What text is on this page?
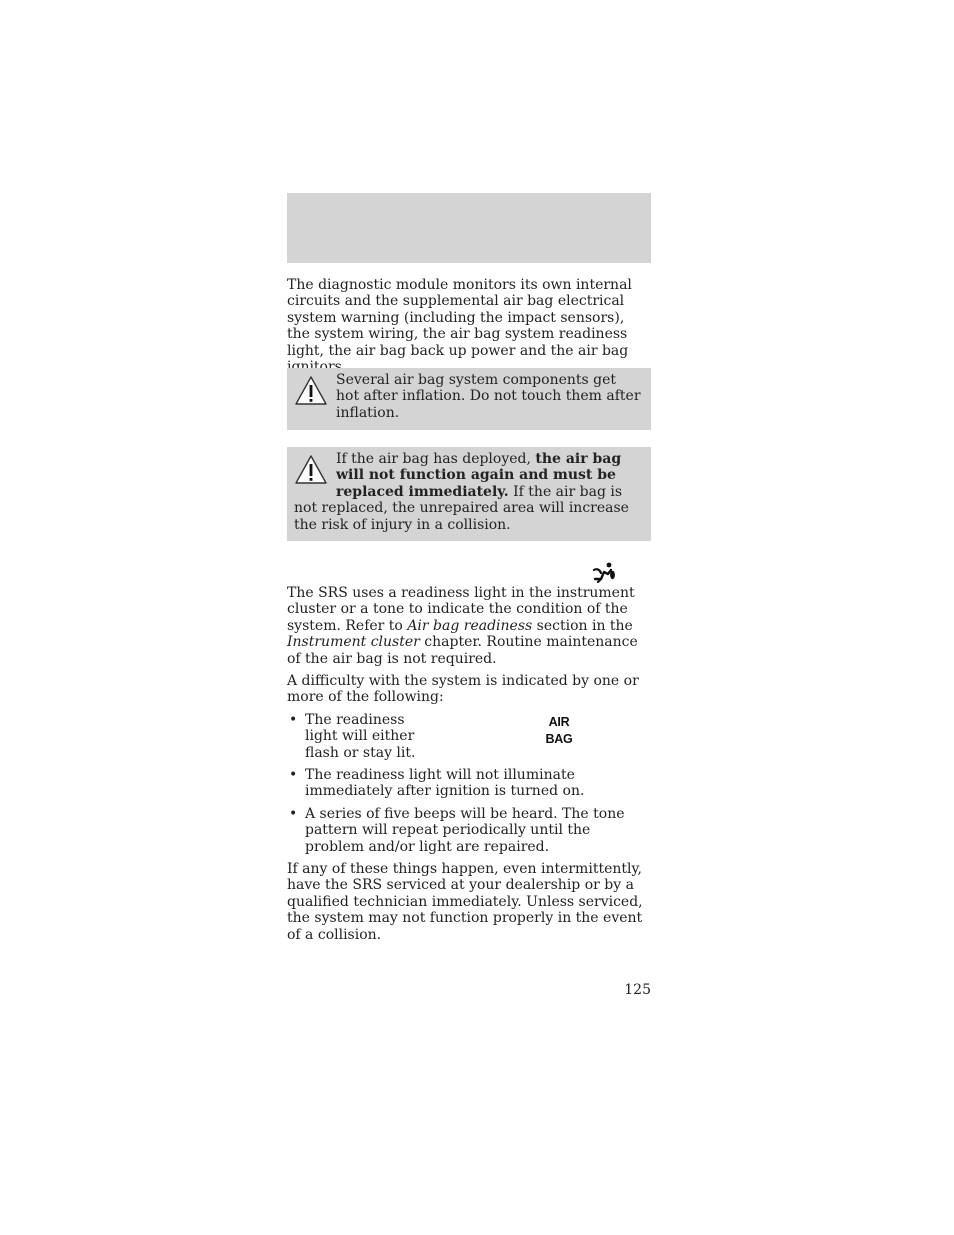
The diagnostic module monitors its own internal circuits and the supplemental air bag electrical system warning (including the impact sensors), the system wiring, the air bag system readiness light, the air bag back up power and the air bag

Several air bag system components get hot after inflation. Do not touch them after inflation.

If the air bag has deployed, the air bag will not function again and must be replaced immediately. If the air bag is not replaced, the unrepaired area will increase the risk of injury in a collision.

The SRS uses a readiness light in the instrument cluster or a tone to indicate the condition of the system. Refer to Air bag readiness section in the Instrument cluster chapter. Routine maintenance of the air bag is not required.

A difficulty with the system is indicated by one or more of the following:

• The readiness light will either flash or stay lit.
• The readiness light will not illuminate immediately after ignition is turned on.
• A series of five beeps will be heard. The tone pattern will repeat periodically until the problem and/or light are repaired.
AIR
BAG

If any of these things happen, even intermittently, have the SRS serviced at your dealership or by a qualified technician immediately. Unless serviced, the system may not function properly in the event of a collision.

125
